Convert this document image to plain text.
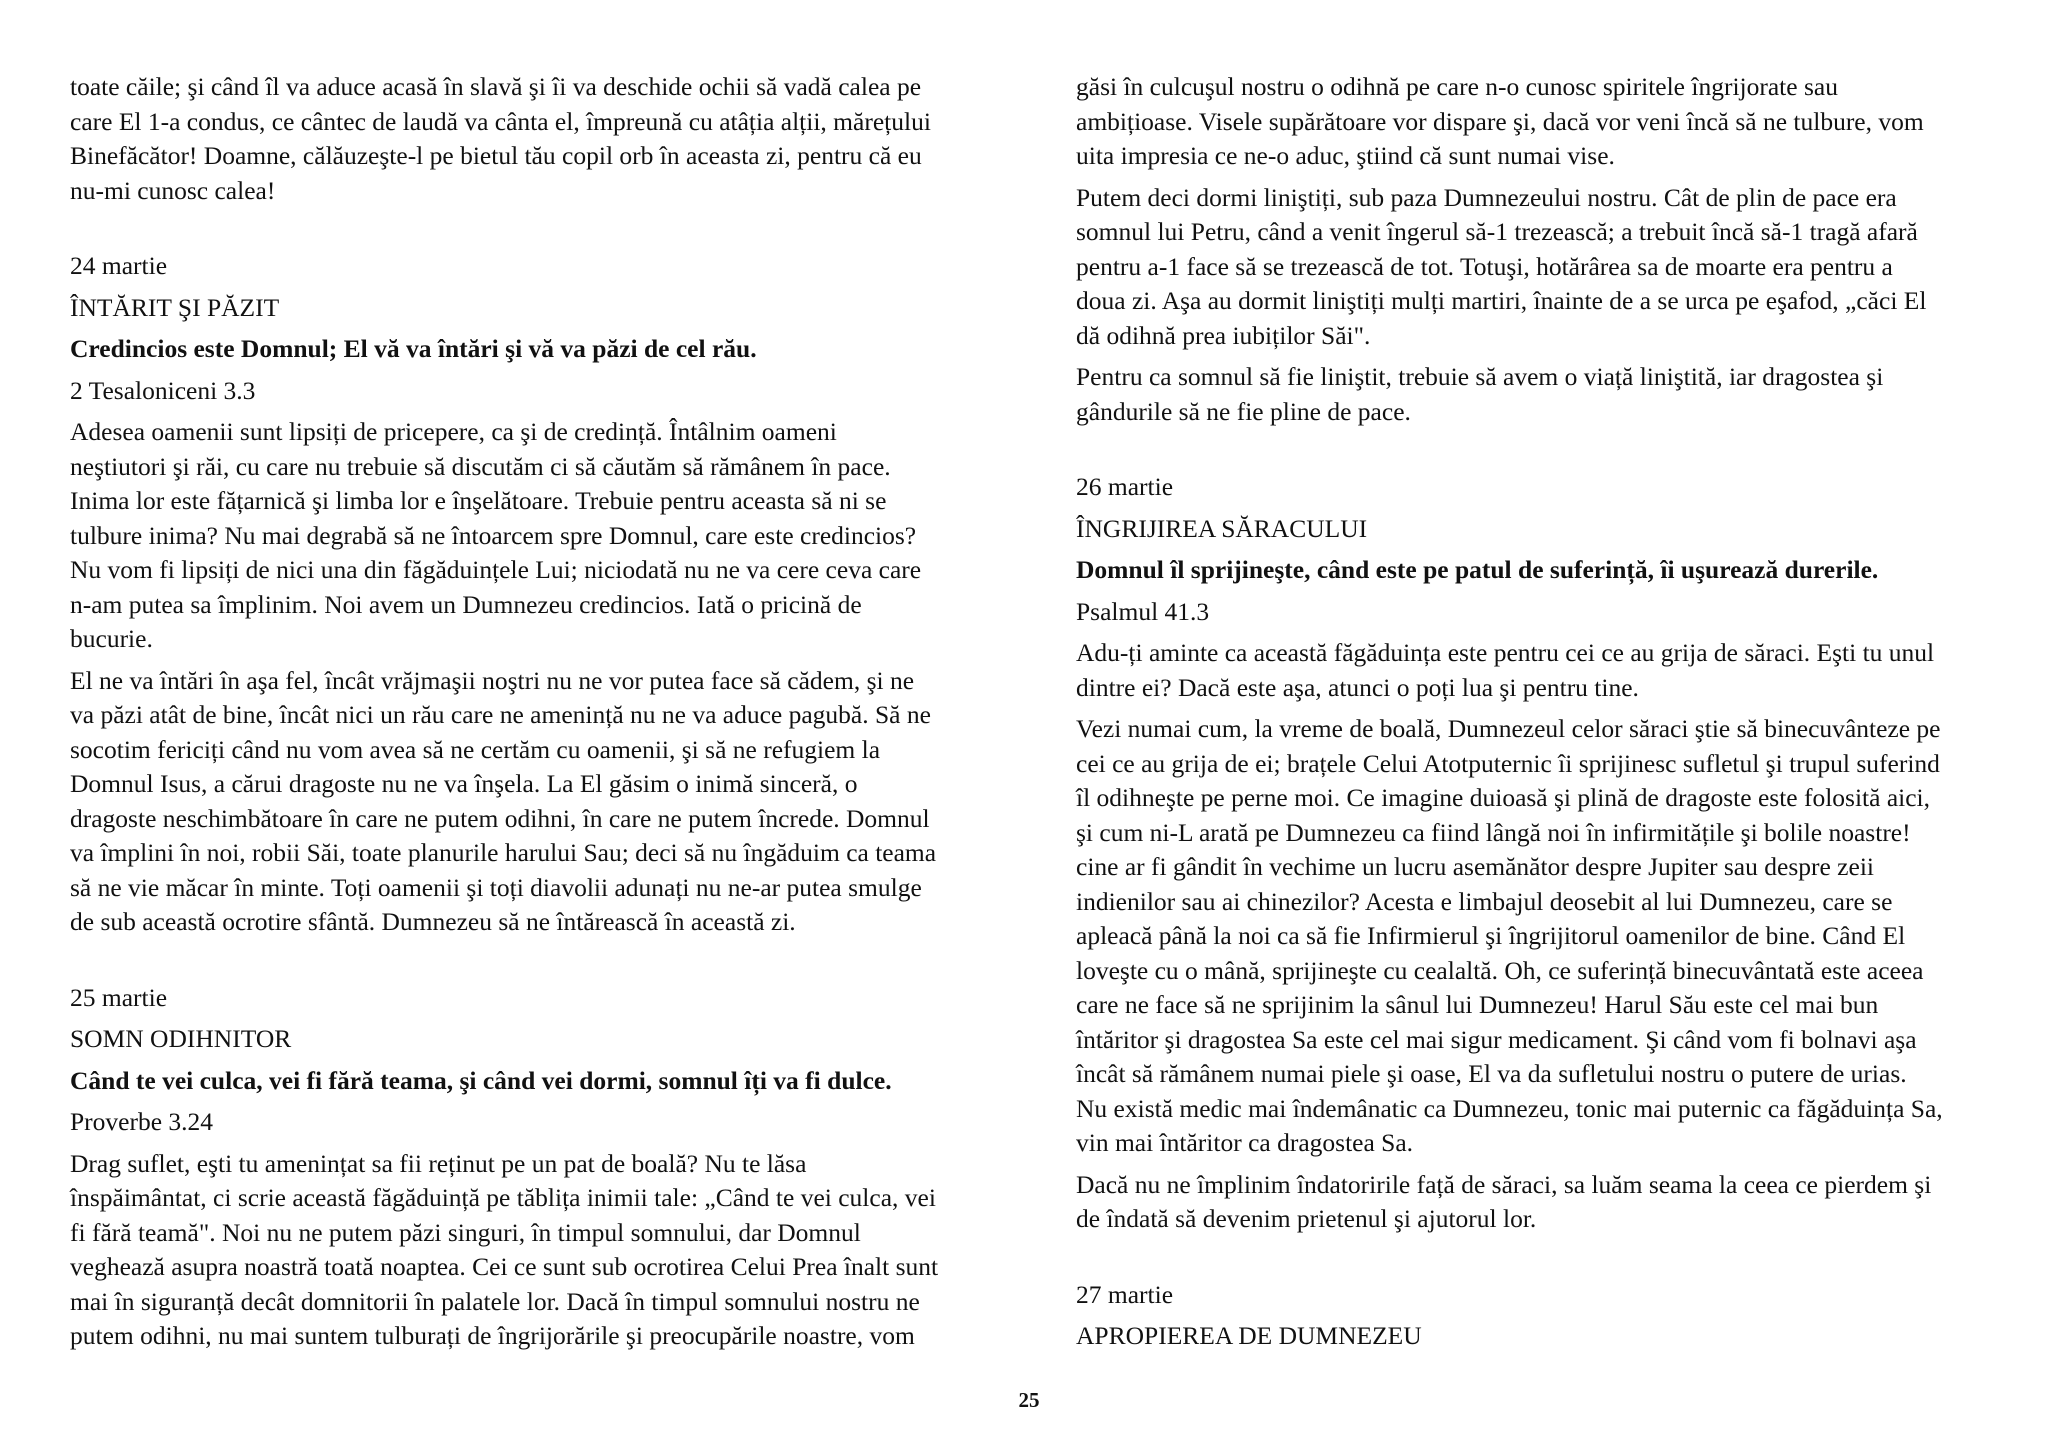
toate căile; şi când îl va aduce acasă în slavă şi îi va deschide ochii să vadă calea pe
care El 1-a condus, ce cântec de laudă va cânta el, împreună cu atâția alții, mărețului
Binefăcător! Doamne, călăuzeşte-l pe bietul tău copil orb în aceasta zi, pentru că eu
nu-mi cunosc calea!

24 martie
ÎNTĂRIT ŞI PĂZIT
Credincios este Domnul; El vă va întări şi vă va păzi de cel rău.
2 Tesaloniceni 3.3

Adesea oamenii sunt lipsiți de pricepere, ca şi de credință. Întâlnim oameni
neştiutori şi răi, cu care nu trebuie să discutăm ci să căutăm să rămânem în pace.
Inima lor este fățarnică şi limba lor e înşelătoare. Trebuie pentru aceasta să ni se
tulbure inima? Nu mai degrabă să ne întoarcem spre Domnul, care este credincios?
Nu vom fi lipsiți de nici una din făgăduințele Lui; niciodată nu ne va cere ceva care
n-am putea sa împlinim. Noi avem un Dumnezeu credincios. Iată o pricină de
bucurie.

El ne va întări în aşa fel, încât vrăjmaşii noştri nu ne vor putea face să cădem, şi ne
va păzi atât de bine, încât nici un rău care ne amenință nu ne va aduce pagubă. Să ne
socotim fericiți când nu vom avea să ne certăm cu oamenii, şi să ne refugiem la
Domnul Isus, a cărui dragoste nu ne va înşela. La El găsim o inimă sinceră, o
dragoste neschimbătoare în care ne putem odihni, în care ne putem încrede. Domnul
va împlini în noi, robii Săi, toate planurile harului Sau; deci să nu îngăduim ca teama
să ne vie măcar în minte. Toți oamenii şi toți diavolii adunați nu ne-ar putea smulge
de sub această ocrotire sfântă. Dumnezeu să ne întărească în această zi.

25 martie
SOMN ODIHNITOR
Când te vei culca, vei fi fără teama, şi când vei dormi, somnul îți va fi dulce.
Proverbe 3.24

Drag suflet, eşti tu amenințat sa fii reținut pe un pat de boală? Nu te lăsa
înspăimântat, ci scrie această făgăduință pe tăblița inimii tale: „Când te vei culca, vei
fi fără teamă". Noi nu ne putem păzi singuri, în timpul somnului, dar Domnul
veghează asupra noastră toată noaptea. Cei ce sunt sub ocrotirea Celui Prea înalt sunt
mai în siguranță decât domnitorii în palatele lor. Dacă în timpul somnului nostru ne
putem odihni, nu mai suntem tulburați de îngrijorările şi preocupările noastre, vom

găsi în culcuşul nostru o odihnă pe care n-o cunosc spiritele îngrijorate sau
ambițioase. Visele supărătoare vor dispare şi, dacă vor veni încă să ne tulbure, vom
uita impresia ce ne-o aduc, ştiind că sunt numai vise.

Putem deci dormi liniştiți, sub paza Dumnezeului nostru. Cât de plin de pace era
somnul lui Petru, când a venit îngerul să-1 trezească; a trebuit încă să-1 tragă afară
pentru a-1 face să se trezească de tot. Totuşi, hotărârea sa de moarte era pentru a
doua zi. Aşa au dormit liniştiți mulți martiri, înainte de a se urca pe eşafod, „căci El
dă odihnă prea iubiților Săi".

Pentru ca somnul să fie liniştit, trebuie să avem o viață liniştită, iar dragostea şi
gândurile să ne fie pline de pace.

26 martie
ÎNGRIJIREA SĂRACULUI
Domnul îl sprijineşte, când este pe patul de suferință, îi uşurează durerile.
Psalmul 41.3

Adu-ți aminte ca această făgăduința este pentru cei ce au grija de săraci. Eşti tu unul
dintre ei? Dacă este aşa, atunci o poți lua şi pentru tine.

Vezi numai cum, la vreme de boală, Dumnezeul celor săraci ştie să binecuvânteze pe
cei ce au grija de ei; brațele Celui Atotputernic îi sprijinesc sufletul şi trupul suferind
îl odihneşte pe perne moi. Ce imagine duioasă şi plină de dragoste este folosită aici,
şi cum ni-L arată pe Dumnezeu ca fiind lângă noi în infirmitățile şi bolile noastre!
cine ar fi gândit în vechime un lucru asemănător despre Jupiter sau despre zeii
indienilor sau ai chinezilor? Acesta e limbajul deosebit al lui Dumnezeu, care se
apleacă până la noi ca să fie Infirmierul şi îngrijitorul oamenilor de bine. Când El
loveşte cu o mână, sprijineşte cu cealaltă. Oh, ce suferință binecuvântată este aceea
care ne face să ne sprijinim la sânul lui Dumnezeu! Harul Său este cel mai bun
întăritor şi dragostea Sa este cel mai sigur medicament. Şi când vom fi bolnavi aşa
încât să rămânem numai piele şi oase, El va da sufletului nostru o putere de urias.
Nu există medic mai îndemânatic ca Dumnezeu, tonic mai puternic ca făgăduința Sa,
vin mai întăritor ca dragostea Sa.

Dacă nu ne împlinim îndatoririle față de săraci, sa luăm seama la ceea ce pierdem şi
de îndată să devenim prietenul şi ajutorul lor.

27 martie
APROPIEREA DE DUMNEZEU
25
